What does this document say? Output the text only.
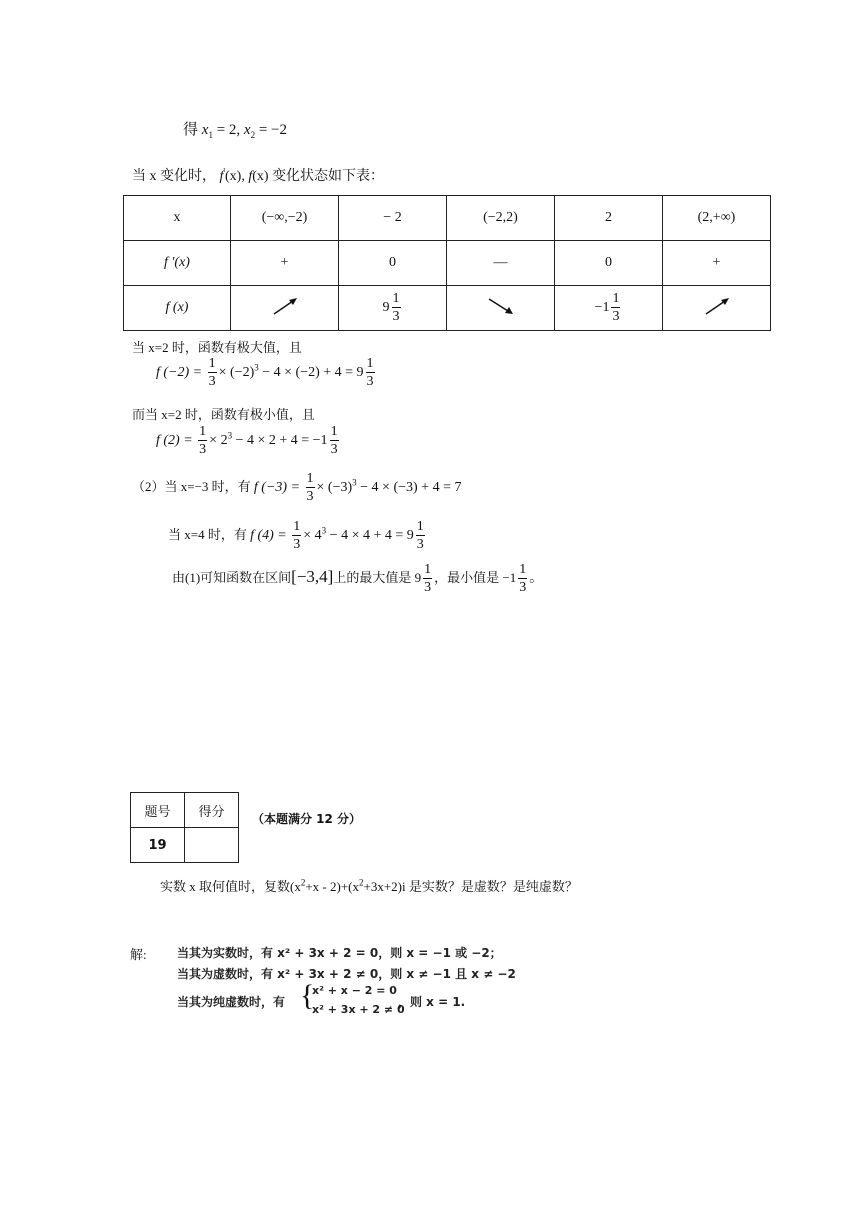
得 $x_1 = 2$, $x_2 = -2$
当 x 变化时， f'(x), f(x) 变化状态如下表：
x	(−∞,−2)	− 2	(−2,2)	2	(2,+∞)
f '(x)	+	0	—	0	+
f (x)		$9 \frac{1}{3}$		$-1 \frac{1}{3}$

当 x=2 时，函数有极大值，且
f $(-2) = \frac{1}{3} \times (-2)^3 - 4 \times (-2) + 4 = 9 \frac{1}{3}$
而当 x=2 时，函数有极小值，且
f $(2) = \frac{1}{3} \times 2^3 - 4 \times 2 + 4 = -1 \frac{1}{3}$
（2）当 x=−3 时，有 f $(-3) = \frac{1}{3} \times (-3)^3 - 4 \times (-3) + 4 = 7$
当 x=4 时，有 f $(4) = \frac{1}{3} \times 4^3 - 4 \times 4 + 4 = 9 \frac{1}{3}$
由(1)可知函数在区间[−3,4]上的最大值是 $9 \frac{1}{3}$ ，最小值是 $-1 \frac{1}{3}$ 。
题号	得分
19	
（本题满分 12 分）
实数 x 取何值时，复数$(x^2+x - 2)+(x^2+3x+2)i$ 是实数？是虚数？是纯虚数？
解:	当其为实数时，有 x² + 3x + 2 = 0，则 x = −1 或 −2；
当其为虚数时，有 x² + 3x + 2 ≠ 0，则 x ≠ −1 且 x ≠ −2
当其为纯虚数时，有 {
x² + x − 2 = 0
x² + 3x + 2 ≠ 0
，则 x = 1.
